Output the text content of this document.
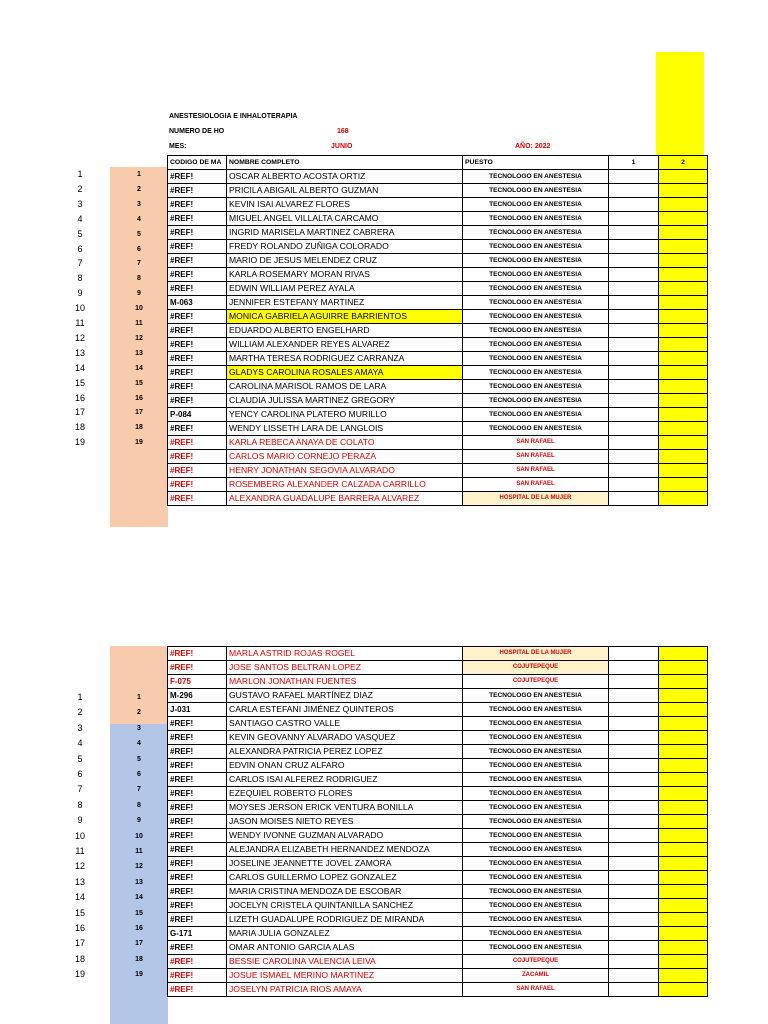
ANESTESIOLOGIA E INHALOTERAPIA
NUMERO DE HO	168
MES:	JUNIO	AÑO: 2022
CODIGO DE MA	NOMBRE COMPLETO	PUESTO	1	2
#REF!	OSCAR ALBERTO ACOSTA ORTIZ	TECNOLOGO EN ANESTESIA		
#REF!	PRICILA ABIGAIL ALBERTO GUZMAN	TECNOLOGO EN ANESTESIA		
#REF!	KEVIN ISAI ALVAREZ FLORES	TECNOLOGO EN ANESTESIA		
#REF!	MIGUEL ANGEL VILLALTA CARCAMO	TECNOLOGO EN ANESTESIA		
#REF!	INGRID MARISELA MARTINEZ CABRERA	TECNOLOGO EN ANESTESIA		
#REF!	FREDY ROLANDO ZUÑIGA COLORADO	TECNOLOGO EN ANESTESIA		
#REF!	MARIO DE JESUS MELENDEZ CRUZ	TECNOLOGO EN ANESTESIA		
#REF!	KARLA ROSEMARY MORAN RIVAS	TECNOLOGO EN ANESTESIA		
#REF!	EDWIN WILLIAM PEREZ AYALA	TECNOLOGO EN ANESTESIA		
M-063	JENNIFER ESTEFANY MARTINEZ	TECNOLOGO EN ANESTESIA		
#REF!	MONICA GABRIELA AGUIRRE BARRIENTOS	TECNOLOGO EN ANESTESIA		
#REF!	EDUARDO ALBERTO ENGELHARD	TECNOLOGO EN ANESTESIA		
#REF!	WILLIAM ALEXANDER REYES ALVAREZ	TECNOLOGO EN ANESTESIA		
#REF!	MARTHA TERESA RODRIGUEZ CARRANZA	TECNOLOGO EN ANESTESIA		
#REF!	GLADYS CAROLINA ROSALES AMAYA	TECNOLOGO EN ANESTESIA		
#REF!	CAROLINA MARISOL RAMOS DE LARA	TECNOLOGO EN ANESTESIA		
#REF!	CLAUDIA JULISSA MARTINEZ GREGORY	TECNOLOGO EN ANESTESIA		
P-084	YENCY CAROLINA PLATERO MURILLO	TECNOLOGO EN ANESTESIA		
#REF!	WENDY LISSETH LARA DE LANGLOIS	TECNOLOGO EN ANESTESIA		
#REF!	KARLA REBECA ANAYA DE COLATO	SAN RAFAEL		
#REF!	CARLOS MARIO CORNEJO PERAZA	SAN RAFAEL		
#REF!	HENRY JONATHAN SEGOVIA ALVARADO	SAN RAFAEL		
#REF!	ROSEMBERG ALEXANDER CALZADA CARRILLO	SAN RAFAEL		
#REF!	ALEXANDRA GUADALUPE BARRERA ALVAREZ	HOSPITAL DE LA MUJER		
#REF!	MARLA ASTRID ROJAS ROGEL	HOSPITAL DE LA MUJER		
#REF!	JOSE SANTOS BELTRAN LOPEZ	COJUTEPEQUE		
F-075	MARLON JONATHAN FUENTES	COJUTEPEQUE		
M-296	GUSTAVO RAFAEL MARTÍNEZ DIAZ	TECNOLOGO EN ANESTESIA		
J-031	CARLA ESTEFANI JIMÉNEZ QUINTEROS	TECNOLOGO EN ANESTESIA		
#REF!	SANTIAGO CASTRO VALLE	TECNOLOGO EN ANESTESIA		
#REF!	KEVIN GEOVANNY ALVARADO VASQUEZ	TECNOLOGO EN ANESTESIA		
#REF!	ALEXANDRA PATRICIA PEREZ LOPEZ	TECNOLOGO EN ANESTESIA		
#REF!	EDVIN ONAN CRUZ ALFARO	TECNOLOGO EN ANESTESIA		
#REF!	CARLOS ISAI ALFEREZ RODRIGUEZ	TECNOLOGO EN ANESTESIA		
#REF!	EZEQUIEL ROBERTO FLORES	TECNOLOGO EN ANESTESIA		
#REF!	MOYSES JERSON ERICK VENTURA BONILLA	TECNOLOGO EN ANESTESIA		
#REF!	JASON MOISES NIETO REYES	TECNOLOGO EN ANESTESIA		
#REF!	WENDY IVONNE GUZMAN ALVARADO	TECNOLOGO EN ANESTESIA		
#REF!	ALEJANDRA ELIZABETH HERNANDEZ MENDOZA	TECNOLOGO EN ANESTESIA		
#REF!	JOSELINE JEANNETTE JOVEL ZAMORA	TECNOLOGO EN ANESTESIA		
#REF!	CARLOS GUILLERMO LOPEZ GONZALEZ	TECNOLOGO EN ANESTESIA		
#REF!	MARIA CRISTINA MENDOZA DE ESCOBAR	TECNOLOGO EN ANESTESIA		
#REF!	JOCELYN CRISTELA QUINTANILLA SANCHEZ	TECNOLOGO EN ANESTESIA		
#REF!	LIZETH GUADALUPE RODRIGUEZ DE MIRANDA	TECNOLOGO EN ANESTESIA		
G-171	MARIA JULIA GONZALEZ	TECNOLOGO EN ANESTESIA		
#REF!	OMAR ANTONIO GARCIA ALAS	TECNOLOGO EN ANESTESIA		
#REF!	BESSIE CAROLINA VALENCIA LEIVA	COJUTEPEQUE		
#REF!	JOSUE ISMAEL MERINO MARTINEZ	ZACAMIL		
#REF!	JOSELYN PATRICIA RIOS AMAYA	SAN RAFAEL		
1
2
3
4
5
6
7
8
9
10
11
12
13
14
15
16
17
18
19
1
2
3
4
5
6
7
8
9
10
11
12
13
14
15
16
17
18
19
1
2
3
4
5
6
7
8
9
10
11
12
13
14
15
16
17
18
19
1
2
3
4
5
6
7
8
9
10
11
12
13
14
15
16
17
18
19
